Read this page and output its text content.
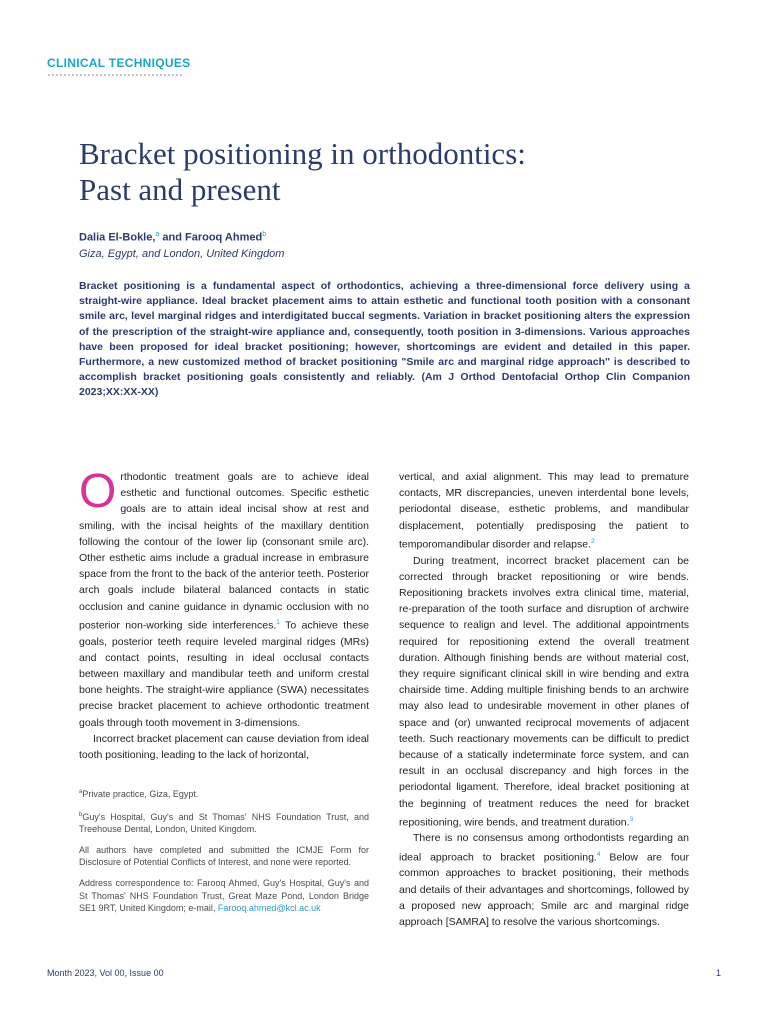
CLINICAL TECHNIQUES
Bracket positioning in orthodontics:
Past and present
Dalia El-Bokle,$^a$ and Farooq Ahmed$^b$
Giza, Egypt, and London, United Kingdom

Bracket positioning is a fundamental aspect of orthodontics, achieving a three-dimensional force delivery using a straight-wire appliance. Ideal bracket placement aims to attain esthetic and functional tooth position with a consonant smile arc, level marginal ridges and interdigitated buccal segments. Variation in bracket positioning alters the expression of the prescription of the straight-wire appliance and, consequently, tooth position in 3-dimensions. Various approaches have been proposed for ideal bracket positioning; however, shortcomings are evident and detailed in this paper. Furthermore, a new customized method of bracket positioning "Smile arc and marginal ridge approach" is described to accomplish bracket positioning goals consistently and reliably. (Am J Orthod Dentofacial Orthop Clin Companion 2023;XX:XX-XX)

Orthodontic treatment goals are to achieve ideal esthetic and functional outcomes. Specific esthetic goals are to attain ideal incisal show at rest and smiling, with the incisal heights of the maxillary dentition following the contour of the lower lip (consonant smile arc). Other esthetic aims include a gradual increase in embrasure space from the front to the back of the anterior teeth. Posterior arch goals include bilateral balanced contacts in static occlusion and canine guidance in dynamic occlusion with no posterior non-working side interferences.$^1$ To achieve these goals, posterior teeth require leveled marginal ridges (MRs) and contact points, resulting in ideal occlusal contacts between maxillary and mandibular teeth and uniform crestal bone heights. The straight-wire appliance (SWA) necessitates precise bracket placement to achieve orthodontic treatment goals through tooth movement in 3-dimensions.

Incorrect bracket placement can cause deviation from ideal tooth positioning, leading to the lack of horizontal,

vertical, and axial alignment. This may lead to premature contacts, MR discrepancies, uneven interdental bone levels, periodontal disease, esthetic problems, and mandibular displacement, potentially predisposing the patient to temporomandibular disorder and relapse.$^2$

During treatment, incorrect bracket placement can be corrected through bracket repositioning or wire bends. Repositioning brackets involves extra clinical time, material, re-preparation of the tooth surface and disruption of archwire sequence to realign and level. The additional appointments required for repositioning extend the overall treatment duration. Although finishing bends are without material cost, they require significant clinical skill in wire bending and extra chairside time. Adding multiple finishing bends to an archwire may also lead to undesirable movement in other planes of space and (or) unwanted reciprocal movements of adjacent teeth. Such reactionary movements can be difficult to predict because of a statically indeterminate force system, and can result in an occlusal discrepancy and high forces in the periodontal ligament. Therefore, ideal bracket positioning at the beginning of treatment reduces the need for bracket repositioning, wire bends, and treatment duration.$^3$

There is no consensus among orthodontists regarding an ideal approach to bracket positioning.$^4$ Below are four common approaches to bracket positioning, their methods and details of their advantages and shortcomings, followed by a proposed new approach; Smile arc and marginal ridge approach [SAMRA] to resolve the various shortcomings.

$^a$Private practice, Giza, Egypt.

$^b$Guy's Hospital, Guy's and St Thomas' NHS Foundation Trust, and Treehouse Dental, London, United Kingdom.

All authors have completed and submitted the ICMJE Form for Disclosure of Potential Conflicts of Interest, and none were reported.

Address correspondence to: Farooq Ahmed, Guy's Hospital, Guy's and St Thomas' NHS Foundation Trust, Great Maze Pond, London Bridge SE1 9RT, United Kingdom; e-mail, Farooq.ahmed@kcl.ac.uk

Month 2023, Vol 00, Issue 00	1
